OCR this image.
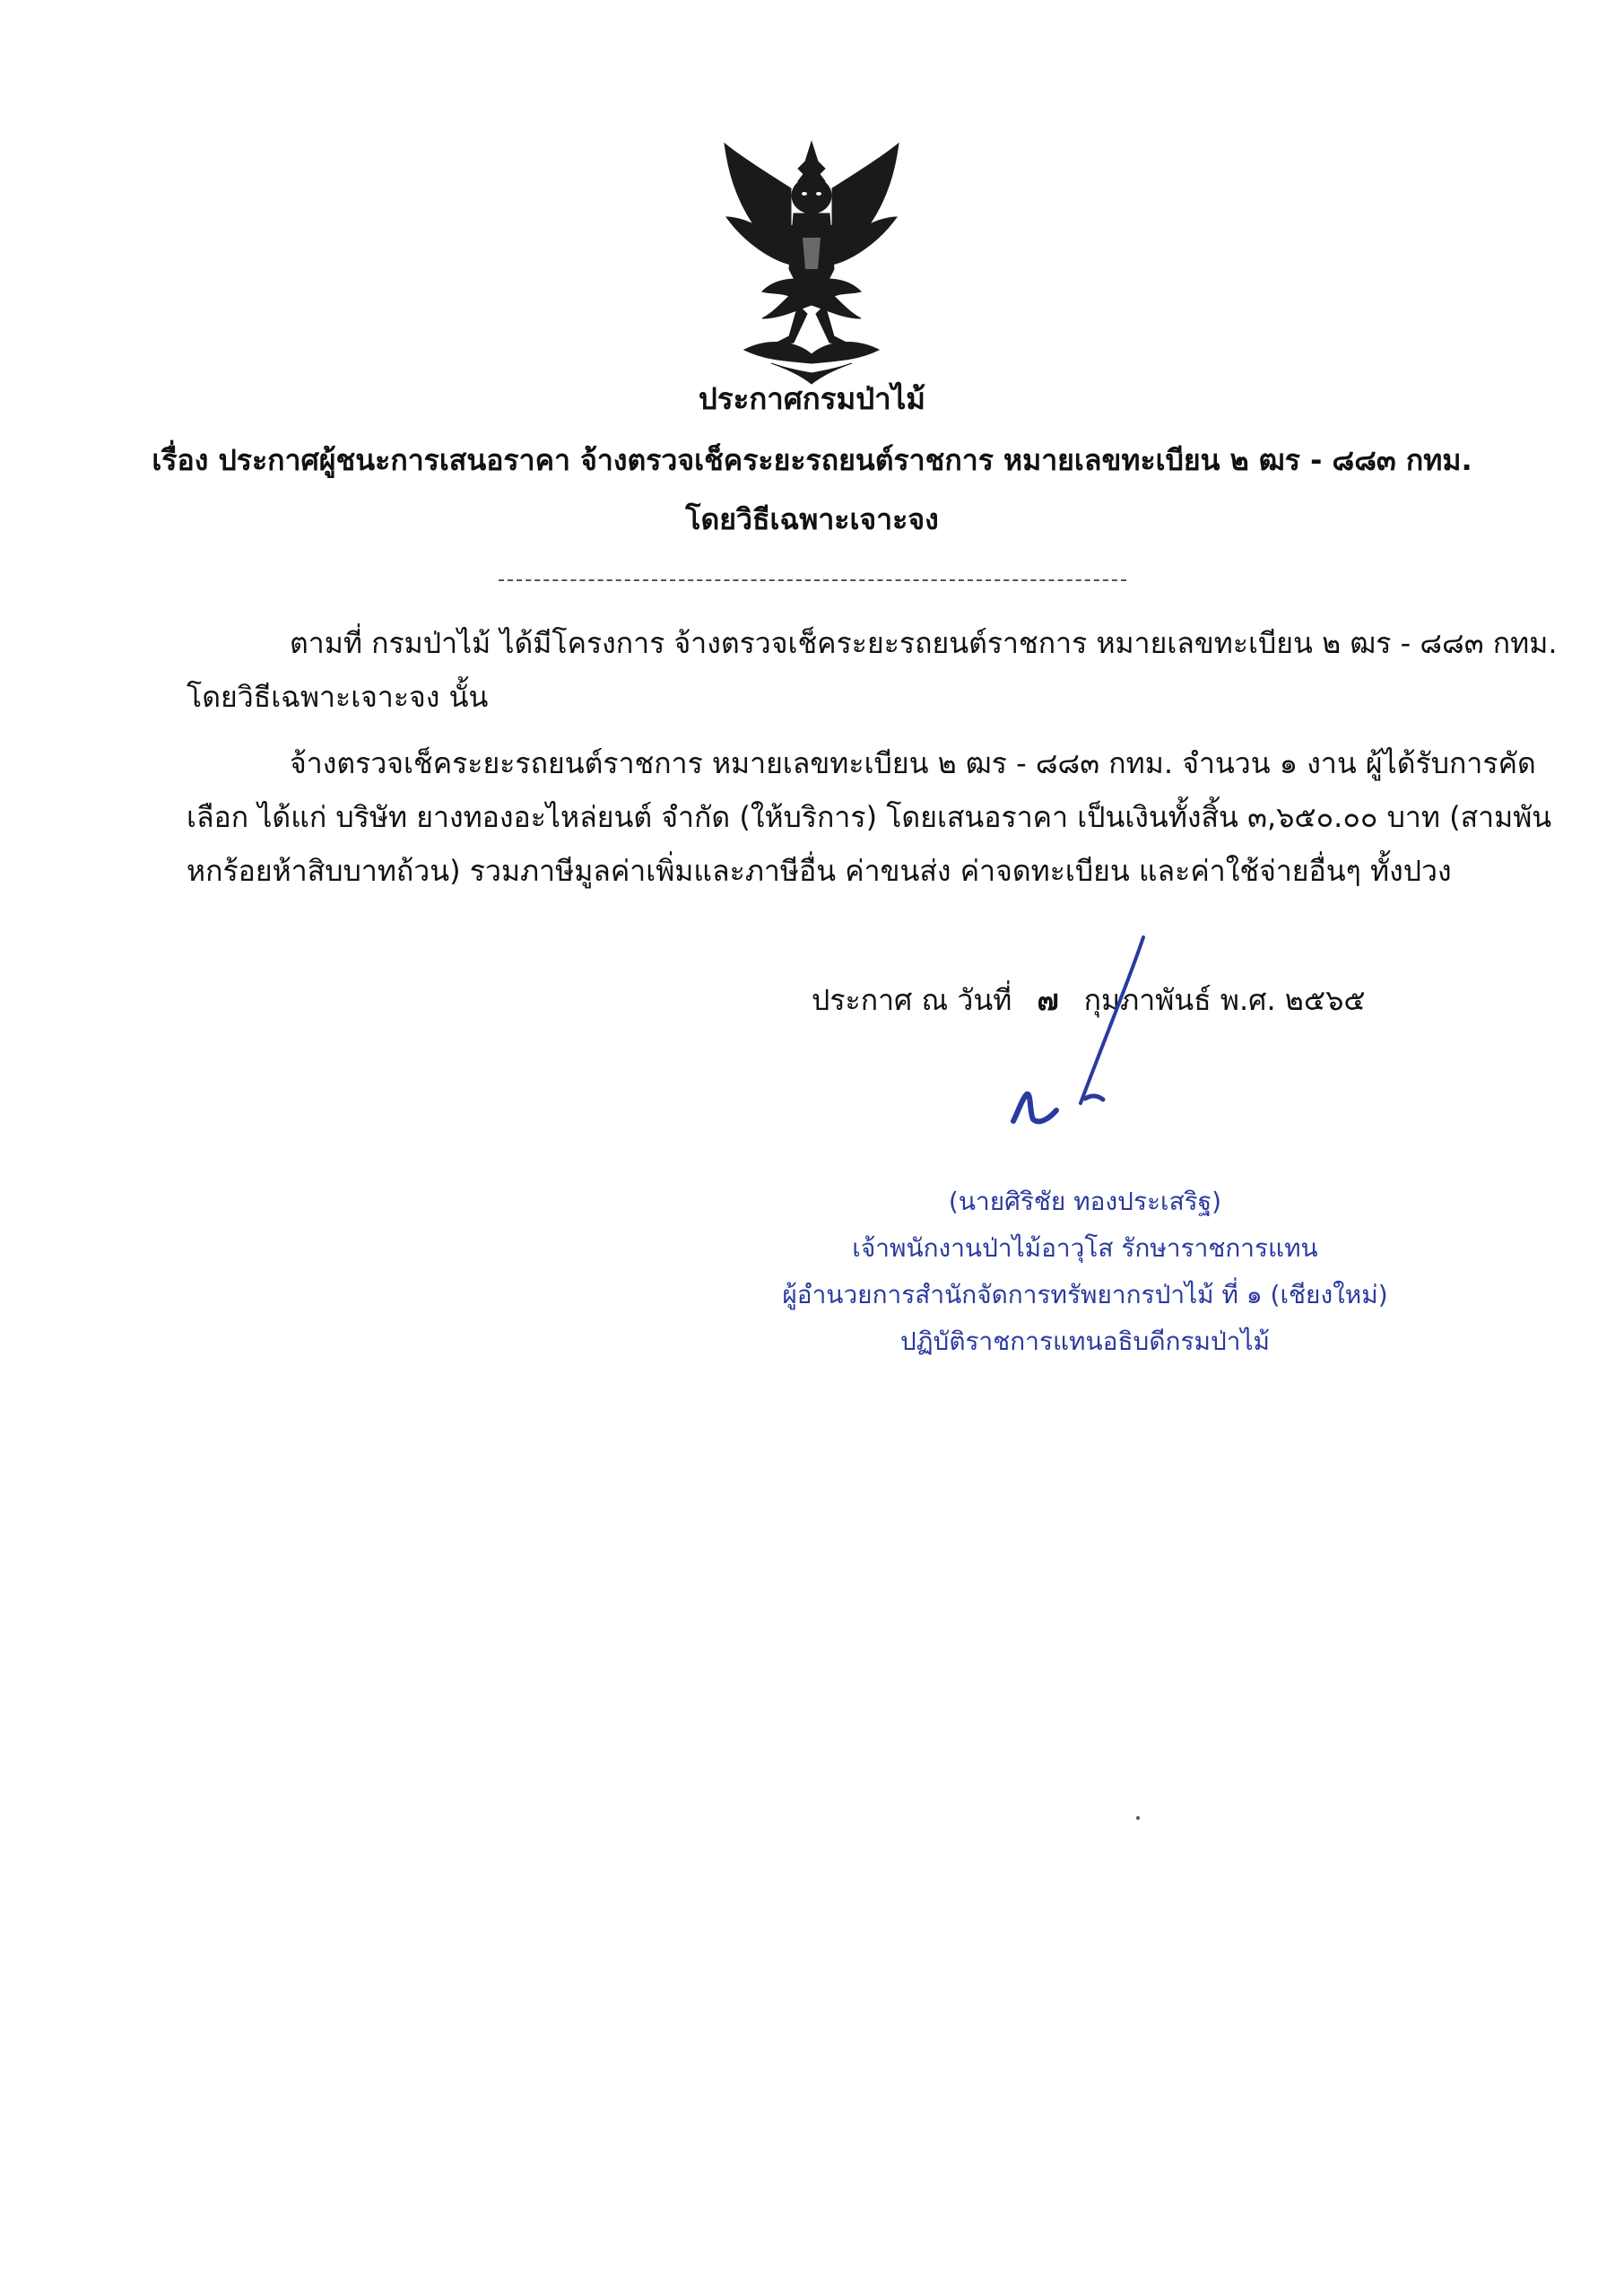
ประกาศกรมป่าไม้
เรื่อง ประกาศผู้ชนะการเสนอราคา จ้างตรวจเช็คระยะรถยนต์ราชการ หมายเลขทะเบียน ๒ ฒร - ๘๘๓ กทม.
โดยวิธีเฉพาะเจาะจง
ตามที่ กรมป่าไม้ ได้มีโครงการ จ้างตรวจเช็คระยะรถยนต์ราชการ หมายเลขทะเบียน ๒ ฒร - ๘๘๓ กทม.
โดยวิธีเฉพาะเจาะจง นั้น
จ้างตรวจเช็คระยะรถยนต์ราชการ หมายเลขทะเบียน ๒ ฒร - ๘๘๓ กทม. จำนวน ๑ งาน ผู้ได้รับการคัด
เลือก ได้แก่ บริษัท ยางทองอะไหล่ยนต์ จำกัด (ให้บริการ) โดยเสนอราคา เป็นเงินทั้งสิ้น ๓,๖๕๐.๐๐ บาท (สามพัน
หกร้อยห้าสิบบาทถ้วน) รวมภาษีมูลค่าเพิ่มและภาษีอื่น ค่าขนส่ง ค่าจดทะเบียน และค่าใช้จ่ายอื่นๆ ทั้งปวง
ประกาศ ณ วันที่ ๗ กุมภาพันธ์ พ.ศ. ๒๕๖๕
(นายศิริชัย ทองประเสริฐ)
เจ้าพนักงานป่าไม้อาวุโส รักษาราชการแทน
ผู้อำนวยการสำนักจัดการทรัพยากรป่าไม้ ที่ ๑ (เชียงใหม่)
ปฏิบัติราชการแทนอธิบดีกรมป่าไม้
